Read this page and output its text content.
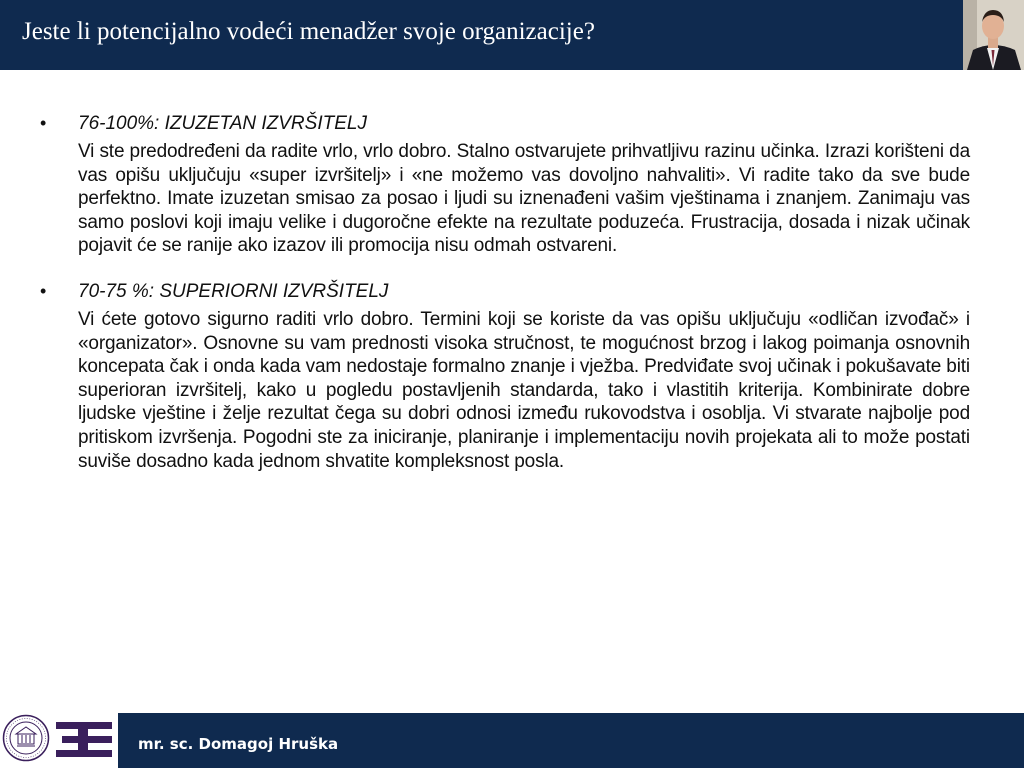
Jeste li potencijalno vodeći menadžer svoje organizacije?
• 76-100%: IZUZETAN IZVRŠITELJ
Vi ste predodređeni da radite vrlo, vrlo dobro. Stalno ostvarujete prihvatljivu razinu učinka. Izrazi korišteni da vas opišu uključuju «super izvršitelj» i «ne možemo vas dovoljno nahvaliti». Vi radite tako da sve bude perfektno. Imate izuzetan smisao za posao i ljudi su iznenađeni vašim vještinama i znanjem. Zanimaju vas samo poslovi koji imaju velike i dugoročne efekte na rezultate poduzeća. Frustracija, dosada i nizak učinak pojavit će se ranije ako izazov ili promocija nisu odmah ostvareni.
• 70-75 %: SUPERIORNI IZVRŠITELJ
Vi ćete gotovo sigurno raditi vrlo dobro. Termini koji se koriste da vas opišu uključuju «odličan izvođač» i «organizator». Osnovne su vam prednosti visoka stručnost, te mogućnost brzog i lakog poimanja osnovnih koncepata čak i onda kada vam nedostaje formalno znanje i vježba. Predviđate svoj učinak i pokušavate biti superioran izvršitelj, kako u pogledu postavljenih standarda, tako i vlastitih kriterija. Kombinirate dobre ljudske vještine i želje rezultat čega su dobri odnosi između rukovodstva i osoblja. Vi stvarate najbolje pod pritiskom izvršenja. Pogodni ste za iniciranje, planiranje i implementaciju novih projekata ali to može postati suviše dosadno kada jednom shvatite kompleksnost posla.
mr. sc. Domagoj Hruška
